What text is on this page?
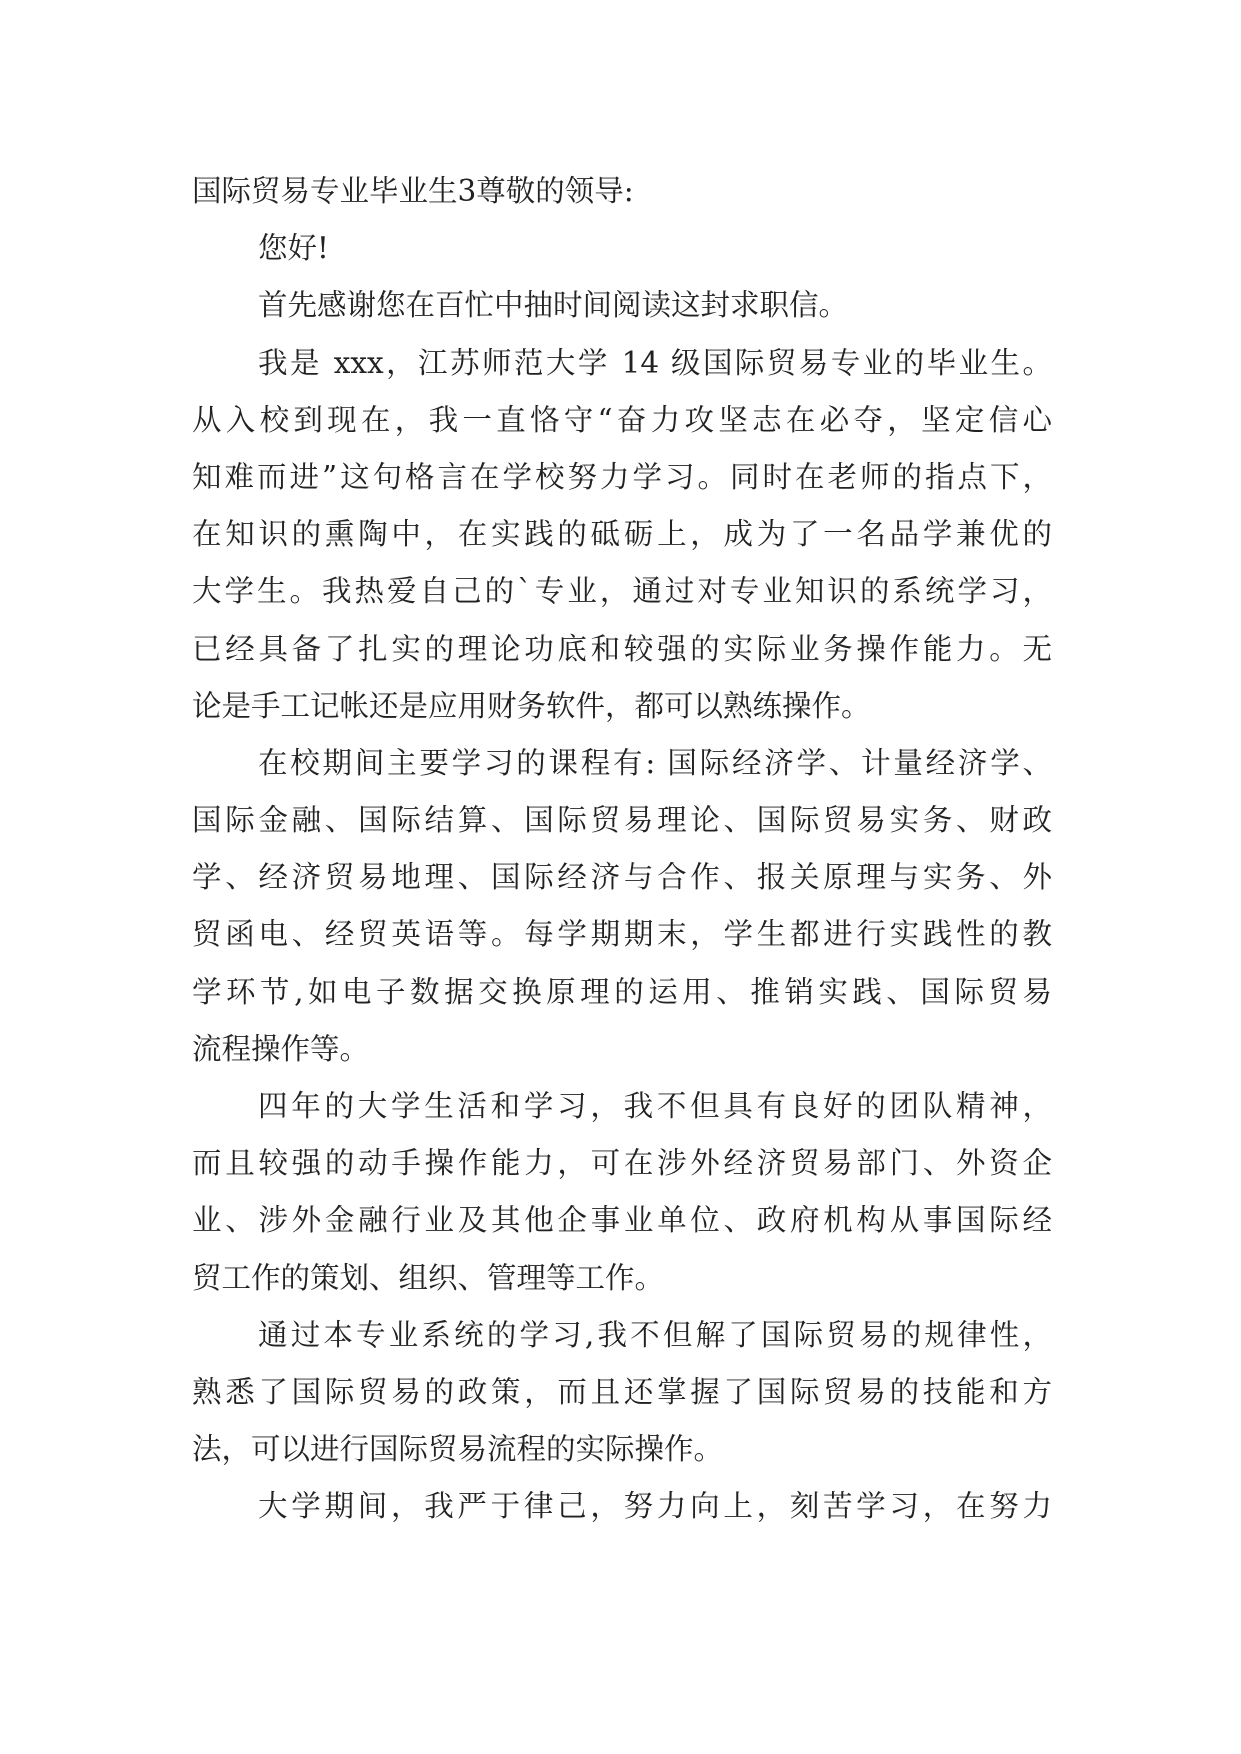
国际贸易专业毕业生3尊敬的领导:
您好!
首先感谢您在百忙中抽时间阅读这封求职信。
我是 xxx，江苏师范大学 14 级国际贸易专业的毕业生。
从入校到现在，我一直恪守“奋力攻坚志在必夺，坚定信心
知难而进”这句格言在学校努力学习。同时在老师的指点下，
在知识的熏陶中，在实践的砥砺上，成为了一名品学兼优的
大学生。我热爱自己的`专业，通过对专业知识的系统学习，
已经具备了扎实的理论功底和较强的实际业务操作能力。无
论是手工记帐还是应用财务软件，都可以熟练操作。
在校期间主要学习的课程有: 国际经济学、计量经济学、
国际金融、国际结算、国际贸易理论、国际贸易实务、财政
学、经济贸易地理、国际经济与合作、报关原理与实务、外
贸函电、经贸英语等。每学期期末，学生都进行实践性的教
学环节,如电子数据交换原理的运用、推销实践、国际贸易
流程操作等。
四年的大学生活和学习，我不但具有良好的团队精神，
而且较强的动手操作能力，可在涉外经济贸易部门、外资企
业、涉外金融行业及其他企事业单位、政府机构从事国际经
贸工作的策划、组织、管理等工作。
通过本专业系统的学习,我不但解了国际贸易的规律性，
熟悉了国际贸易的政策，而且还掌握了国际贸易的技能和方
法，可以进行国际贸易流程的实际操作。
大学期间，我严于律己，努力向上，刻苦学习，在努力
